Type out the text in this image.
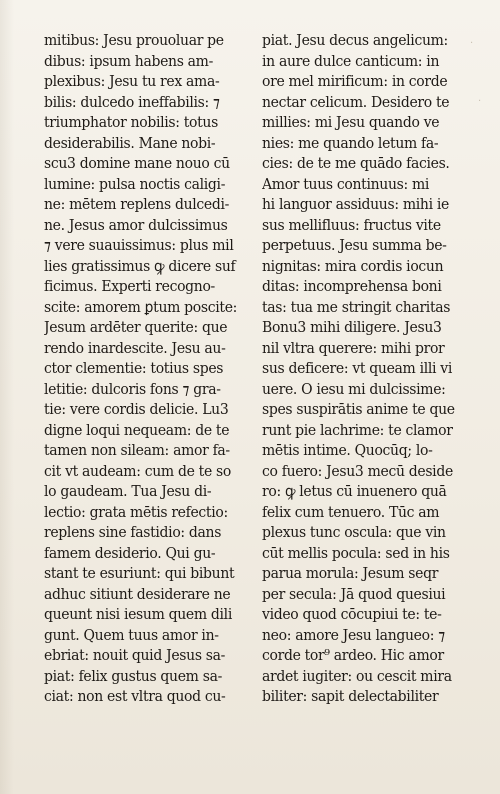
mitibus: Jesu prouoluar pe
dibus: ipsum habens am-
plexibus: Jesu tu rex ama-
bilis: dulcedo ineffabilis: ⁊
triumphator nobilis: totus
desiderabilis. Mane nobi-
scu3 domine mane nouo cū
lumine: pulsa noctis caligi-
ne: mētem replens dulcedi-
ne. Jesus amor dulcissimus
⁊ vere suauissimus: plus mil
lies gratissimus ꝙ dicere suf
ficimus. Experti recogno-
scite: amorem ꝑtum poscite:
Jesum ardēter querite: que
rendo inardescite. Jesu au-
ctor clementie: totius spes
letitie: dulcoris fons ⁊ gra-
tie: vere cordis delicie. Lu3
digne loqui nequeam: de te
tamen non sileam: amor fa-
cit vt audeam: cum de te so
lo gaudeam. Tua Jesu di-
lectio: grata mētis refectio:
replens sine fastidio: dans
famem desiderio. Qui gu-
stant te esuriunt: qui bibunt
adhuc sitiunt desiderare ne
queunt nisi iesum quem dili
gunt. Quem tuus amor in-
ebriat: nouit quid Jesus sa-
piat: felix gustus quem sa-
ciat: non est vltra quod cu-
piat. Jesu decus angelicum:
in aure dulce canticum: in
ore mel mirificum: in corde
nectar celicum. Desidero te
millies: mi Jesu quando ve
nies: me quando letum fa-
cies: de te me quādo facies.
Amor tuus continuus: mi
hi languor assiduus: mihi ie
sus mellifluus: fructus vite
perpetuus. Jesu summa be-
nignitas: mira cordis iocun
ditas: incomprehensa boni
tas: tua me stringit charitas
Bonu3 mihi diligere. Jesu3
nil vltra querere: mihi pror
sus deficere: vt queam illi vi
uere. O iesu mi dulcissime:
spes suspirātis anime te que
runt pie lachrime: te clamor
mētis intime. Quocūq; lo-
co fuero: Jesu3 mecū desidе
ro: ꝙ letus cū inuenero quā
felix cum tenuero. Tūc am
plexus tunc oscula: que vin
cūt mellis pocula: sed in his
parua morula: Jesum seqr
per secula: Jā quod quesiui
video quod cōcupiui te: te-
neo: amore Jesu langueo: ⁊
corde tor⁹ ardeo. Hic amor
ardet iugiter: ou cescit mira
biliter: sapit delectabiliter
·
·
